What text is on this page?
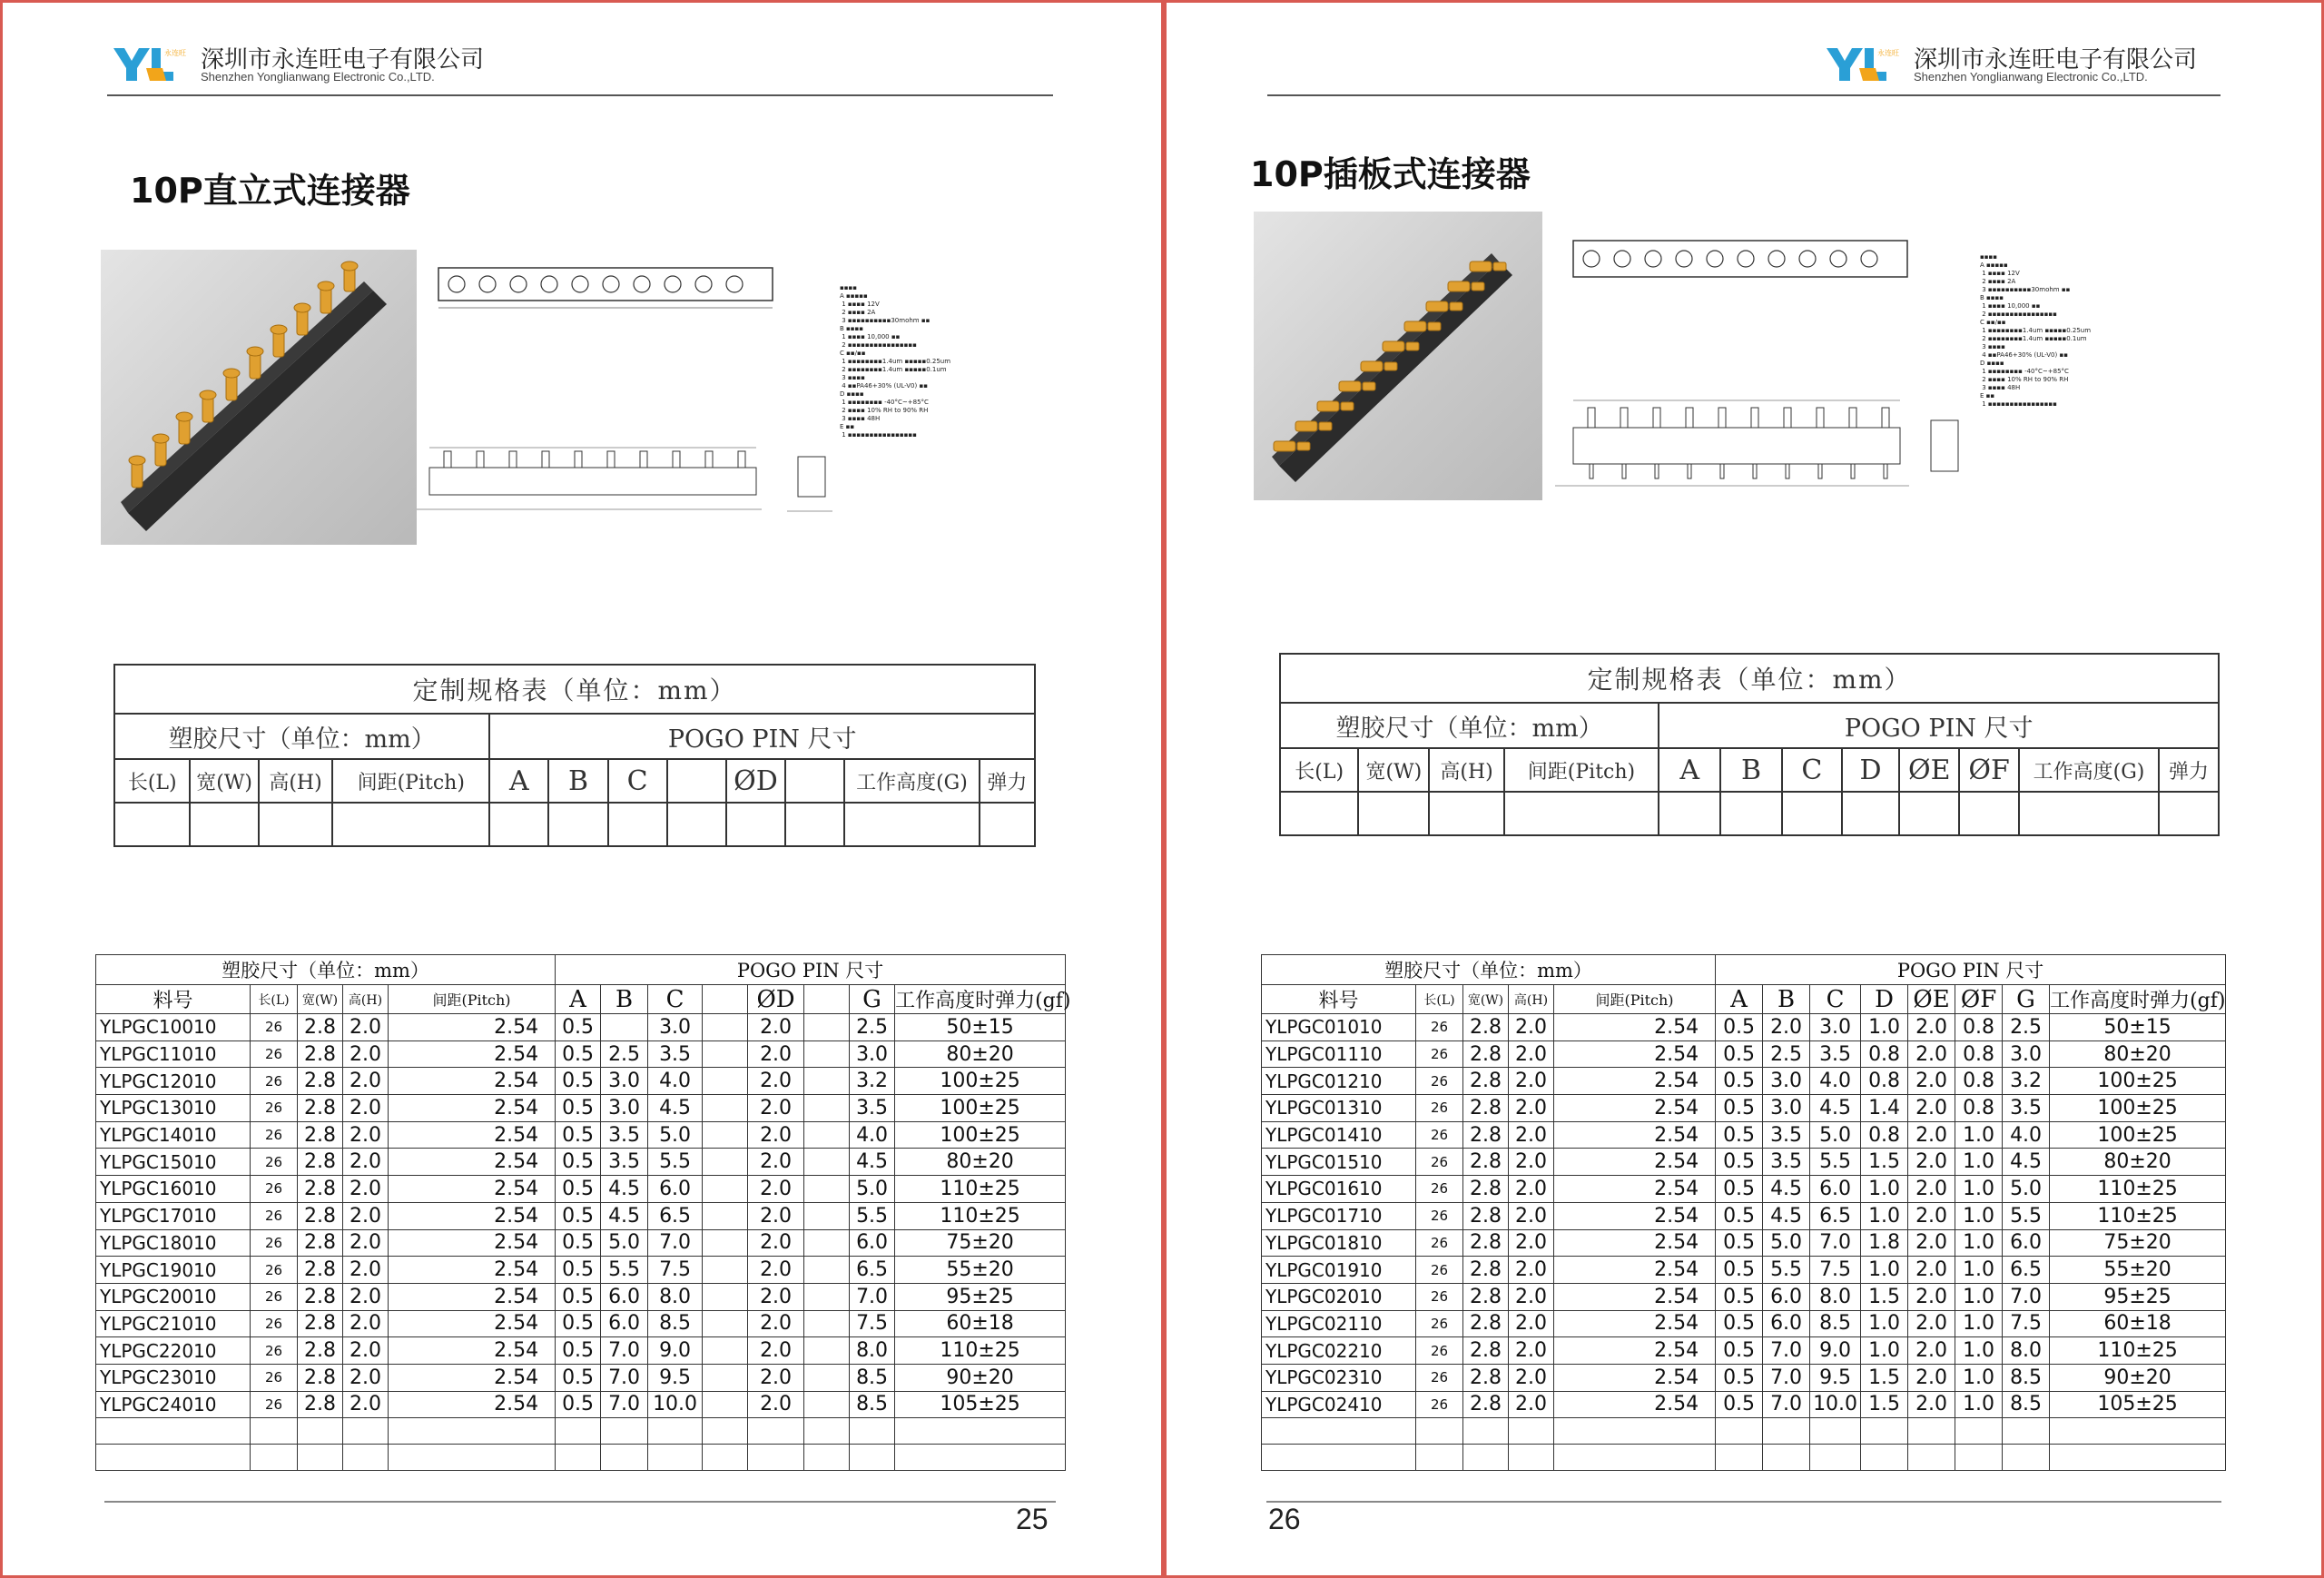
永连旺 深圳市永连旺电子有限公司
Shenzhen Yonglianwang Electronic Co.,LTD.
10P直立式连接器
▪▪▪▪
A ▪▪▪▪▪
1 ▪▪▪▪ 12V
2 ▪▪▪▪ 2A
3 ▪▪▪▪▪▪▪▪▪▪30mohm ▪▪
B ▪▪▪▪
1 ▪▪▪▪ 10,000 ▪▪
2 ▪▪▪▪▪▪▪▪▪▪▪▪▪▪▪▪
C ▪▪/▪▪
1 ▪▪▪▪▪▪▪▪1.4um ▪▪▪▪▪0.25um
2 ▪▪▪▪▪▪▪▪1.4um ▪▪▪▪▪0.1um
3 ▪▪▪▪
4 ▪▪PA46+30% (UL-V0) ▪▪
D ▪▪▪▪
1 ▪▪▪▪▪▪▪▪ -40°C~+85°C
2 ▪▪▪▪ 10% RH to 90% RH
3 ▪▪▪▪ 48H
E ▪▪
1 ▪▪▪▪▪▪▪▪▪▪▪▪▪▪▪▪
定制规格表（单位：mm）											
塑胶尺寸（单位：mm）				POGO PIN 尺寸							
长(L)	宽(W)	高(H)	间距(Pitch)	A	B	C		ØD		工作高度(G)	弹力

塑胶尺寸（单位：mm）					POGO PIN 尺寸							
料号	长(L)	宽(W)	高(H)	间距(Pitch)	A	B	C		ØD		G	工作高度时弹力(gf)
YLPGC10010	26	2.8	2.0	2.54	0.5		3.0		2.0		2.5	50±15
YLPGC11010	26	2.8	2.0	2.54	0.5	2.5	3.5		2.0		3.0	80±20
YLPGC12010	26	2.8	2.0	2.54	0.5	3.0	4.0		2.0		3.2	100±25
YLPGC13010	26	2.8	2.0	2.54	0.5	3.0	4.5		2.0		3.5	100±25
YLPGC14010	26	2.8	2.0	2.54	0.5	3.5	5.0		2.0		4.0	100±25
YLPGC15010	26	2.8	2.0	2.54	0.5	3.5	5.5		2.0		4.5	80±20
YLPGC16010	26	2.8	2.0	2.54	0.5	4.5	6.0		2.0		5.0	110±25
YLPGC17010	26	2.8	2.0	2.54	0.5	4.5	6.5		2.0		5.5	110±25
YLPGC18010	26	2.8	2.0	2.54	0.5	5.0	7.0		2.0		6.0	75±20
YLPGC19010	26	2.8	2.0	2.54	0.5	5.5	7.5		2.0		6.5	55±20
YLPGC20010	26	2.8	2.0	2.54	0.5	6.0	8.0		2.0		7.0	95±25
YLPGC21010	26	2.8	2.0	2.54	0.5	6.0	8.5		2.0		7.5	60±18
YLPGC22010	26	2.8	2.0	2.54	0.5	7.0	9.0		2.0		8.0	110±25
YLPGC23010	26	2.8	2.0	2.54	0.5	7.0	9.5		2.0		8.5	90±20
YLPGC24010	26	2.8	2.0	2.54	0.5	7.0	10.0		2.0		8.5	105±25

25
永连旺 深圳市永连旺电子有限公司
Shenzhen Yonglianwang Electronic Co.,LTD.
10P插板式连接器
▪▪▪▪
A ▪▪▪▪▪
1 ▪▪▪▪ 12V
2 ▪▪▪▪ 2A
3 ▪▪▪▪▪▪▪▪▪▪30mohm ▪▪
B ▪▪▪▪
1 ▪▪▪▪ 10,000 ▪▪
2 ▪▪▪▪▪▪▪▪▪▪▪▪▪▪▪▪
C ▪▪/▪▪
1 ▪▪▪▪▪▪▪▪1.4um ▪▪▪▪▪0.25um
2 ▪▪▪▪▪▪▪▪1.4um ▪▪▪▪▪0.1um
3 ▪▪▪▪
4 ▪▪PA46+30% (UL-V0) ▪▪
D ▪▪▪▪
1 ▪▪▪▪▪▪▪▪ -40°C~+85°C
2 ▪▪▪▪ 10% RH to 90% RH
3 ▪▪▪▪ 48H
E ▪▪
1 ▪▪▪▪▪▪▪▪▪▪▪▪▪▪▪▪
定制规格表（单位：mm）											
塑胶尺寸（单位：mm）				POGO PIN 尺寸							
长(L)	宽(W)	高(H)	间距(Pitch)	A	B	C	D	ØE	ØF	工作高度(G)	弹力

塑胶尺寸（单位：mm）					POGO PIN 尺寸							
料号	长(L)	宽(W)	高(H)	间距(Pitch)	A	B	C	D	ØE	ØF	G	工作高度时弹力(gf)
YLPGC01010	26	2.8	2.0	2.54	0.5	2.0	3.0	1.0	2.0	0.8	2.5	50±15
YLPGC01110	26	2.8	2.0	2.54	0.5	2.5	3.5	0.8	2.0	0.8	3.0	80±20
YLPGC01210	26	2.8	2.0	2.54	0.5	3.0	4.0	0.8	2.0	0.8	3.2	100±25
YLPGC01310	26	2.8	2.0	2.54	0.5	3.0	4.5	1.4	2.0	0.8	3.5	100±25
YLPGC01410	26	2.8	2.0	2.54	0.5	3.5	5.0	0.8	2.0	1.0	4.0	100±25
YLPGC01510	26	2.8	2.0	2.54	0.5	3.5	5.5	1.5	2.0	1.0	4.5	80±20
YLPGC01610	26	2.8	2.0	2.54	0.5	4.5	6.0	1.0	2.0	1.0	5.0	110±25
YLPGC01710	26	2.8	2.0	2.54	0.5	4.5	6.5	1.0	2.0	1.0	5.5	110±25
YLPGC01810	26	2.8	2.0	2.54	0.5	5.0	7.0	1.8	2.0	1.0	6.0	75±20
YLPGC01910	26	2.8	2.0	2.54	0.5	5.5	7.5	1.0	2.0	1.0	6.5	55±20
YLPGC02010	26	2.8	2.0	2.54	0.5	6.0	8.0	1.5	2.0	1.0	7.0	95±25
YLPGC02110	26	2.8	2.0	2.54	0.5	6.0	8.5	1.0	2.0	1.0	7.5	60±18
YLPGC02210	26	2.8	2.0	2.54	0.5	7.0	9.0	1.0	2.0	1.0	8.0	110±25
YLPGC02310	26	2.8	2.0	2.54	0.5	7.0	9.5	1.5	2.0	1.0	8.5	90±20
YLPGC02410	26	2.8	2.0	2.54	0.5	7.0	10.0	1.5	2.0	1.0	8.5	105±25

26
